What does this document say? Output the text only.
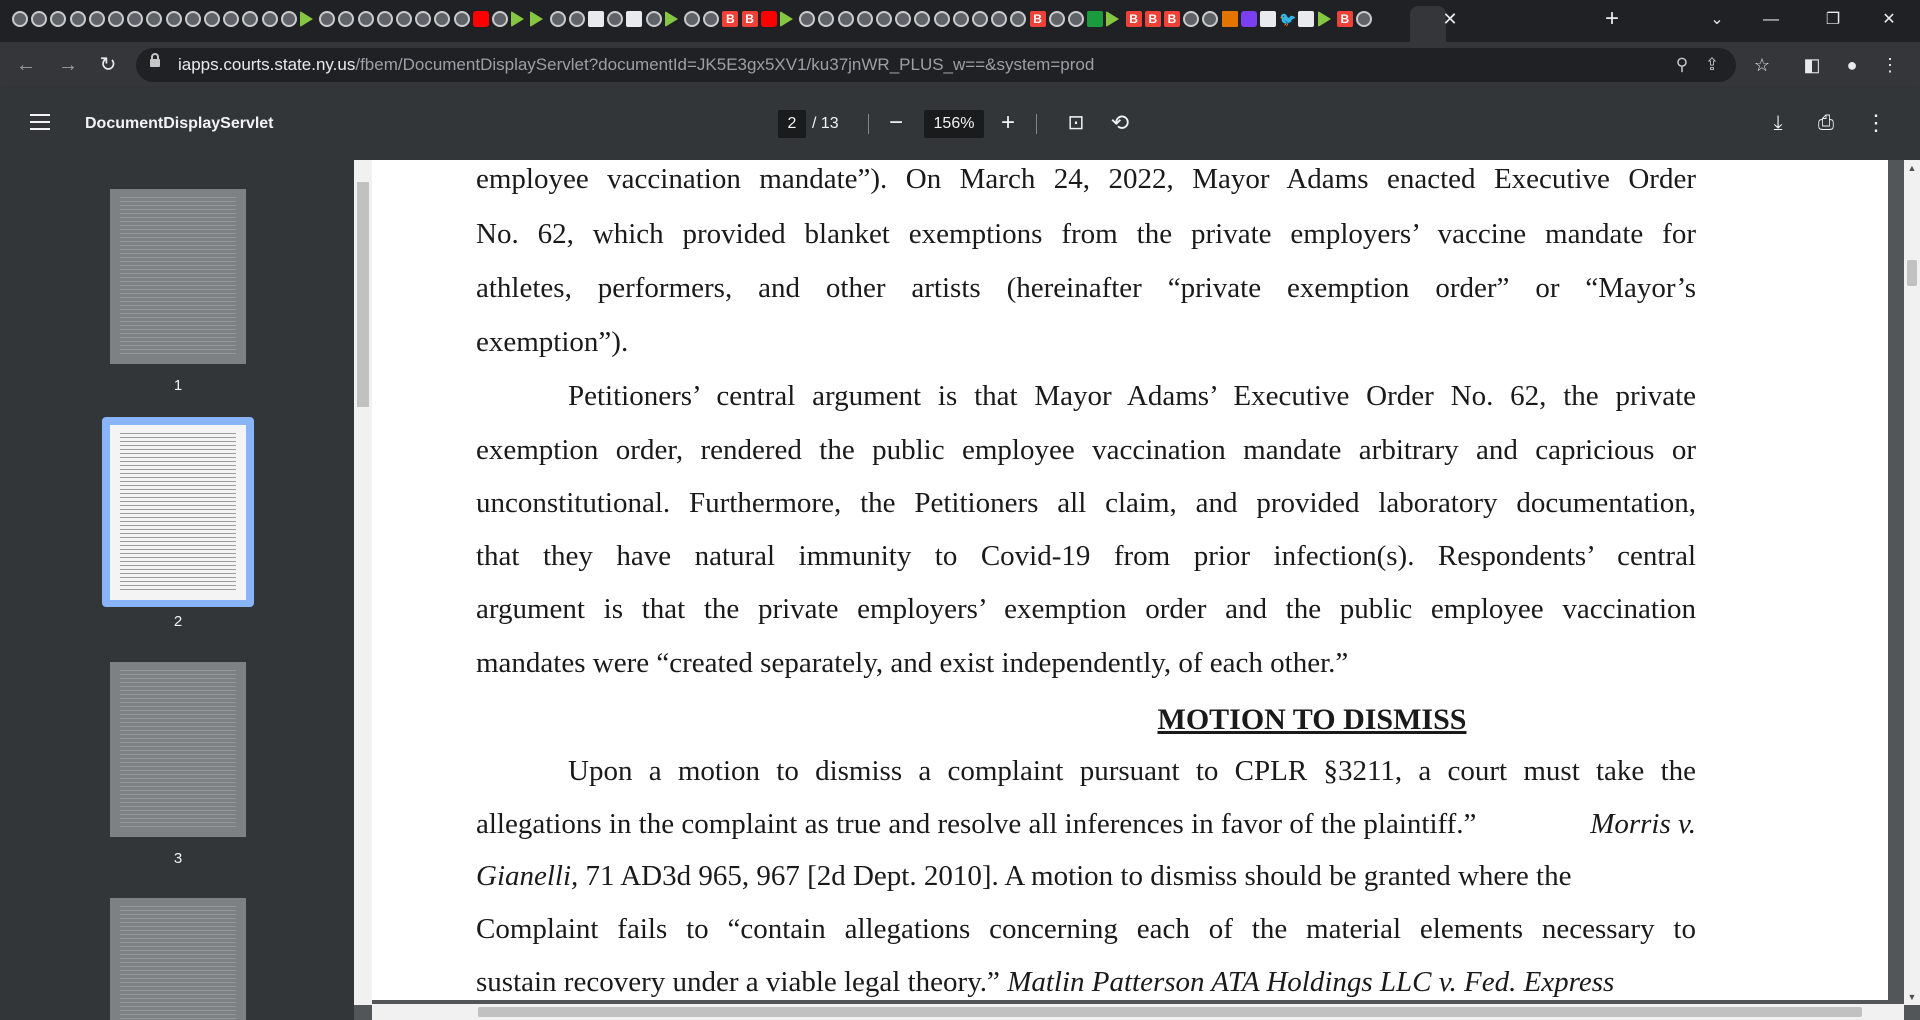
B B	B	B B B	🐦	B	✕	+	⌄	—	❐	✕
←	→	↻	iapps.courts.state.ny.us/fbem/DocumentDisplayServlet?documentId=JK5E3gx5XV1/ku37jnWR_PLUS_w==&system=prod	⚲ ⇪	☆	◧	●	⋮
DocumentDisplayServlet	2 / 13 −	156%	+	⊡ ⟲	⤓	⎙ ⋮
1
2
3
employee vaccination mandate”). On March 24, 2022, Mayor Adams enacted Executive Order
No. 62, which provided blanket exemptions from the private employers’ vaccine mandate for
athletes, performers, and other artists (hereinafter “private exemption order” or “Mayor’s
exemption”).
Petitioners’ central argument is that Mayor Adams’ Executive Order No. 62, the private
exemption order, rendered the public employee vaccination mandate arbitrary and capricious or
unconstitutional. Furthermore, the Petitioners all claim, and provided laboratory documentation,
that they have natural immunity to Covid-19 from prior infection(s). Respondents’ central
argument is that the private employers’ exemption order and the public employee vaccination
mandates were “created separately, and exist independently, of each other.”
MOTION TO DISMISS
Upon a motion to dismiss a complaint pursuant to CPLR §3211, a court must take the
allegations in the complaint as true and resolve all inferences in favor of the plaintiff.”	Morris v.
Gianelli, 71 AD3d 965, 967 [2d Dept. 2010]. A motion to dismiss should be granted where the
Complaint fails to “contain allegations concerning each of the material elements necessary to
sustain recovery under a viable legal theory.” Matlin Patterson ATA Holdings LLC v. Fed. Express
▲
▼
